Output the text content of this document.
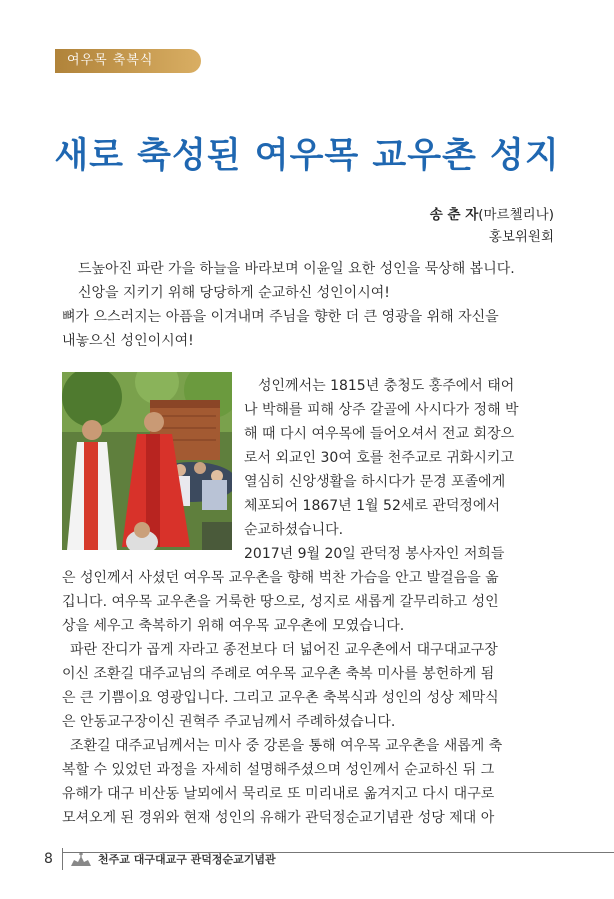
여우목 축복식
새로 축성된 여우목 교우촌 성지
송 춘 자(마르첼리나)
홍보위원회
드높아진 파란 가을 하늘을 바라보며 이윤일 요한 성인을 묵상해 봅니다.
신앙을 지키기 위해 당당하게 순교하신 성인이시여!
뼈가 으스러지는 아픔을 이겨내며 주님을 향한 더 큰 영광을 위해 자신을
내놓으신 성인이시여!
성인께서는 1815년 충청도 홍주에서 태어
나 박해를 피해 상주 갈골에 사시다가 정해 박
해 때 다시 여우목에 들어오셔서 전교 회장으
로서 외교인 30여 호를 천주교로 귀화시키고
열심히 신앙생활을 하시다가 문경 포졸에게
체포되어 1867년 1월 52세로 관덕정에서
순교하셨습니다.
2017년 9월 20일 관덕정 봉사자인 저희들
은 성인께서 사셨던 여우목 교우촌을 향해 벅찬 가슴을 안고 발걸음을 옮
깁니다. 여우목 교우촌을 거룩한 땅으로, 성지로 새롭게 갈무리하고 성인
상을 세우고 축복하기 위해 여우목 교우촌에 모였습니다.
파란 잔디가 곱게 자라고 종전보다 더 넓어진 교우촌에서 대구대교구장
이신 조환길 대주교님의 주례로 여우목 교우촌 축복 미사를 봉헌하게 됨
은 큰 기쁨이요 영광입니다. 그리고 교우촌 축복식과 성인의 성상 제막식
은 안동교구장이신 권혁주 주교님께서 주례하셨습니다.
조환길 대주교님께서는 미사 중 강론을 통해 여우목 교우촌을 새롭게 축
복할 수 있었던 과정을 자세히 설명해주셨으며 성인께서 순교하신 뒤 그
유해가 대구 비산동 날뫼에서 묵리로 또 미리내로 옮겨지고 다시 대구로
모셔오게 된 경위와 현재 성인의 유해가 관덕정순교기념관 성당 제대 아
8	천주교 대구대교구 관덕정순교기념관
